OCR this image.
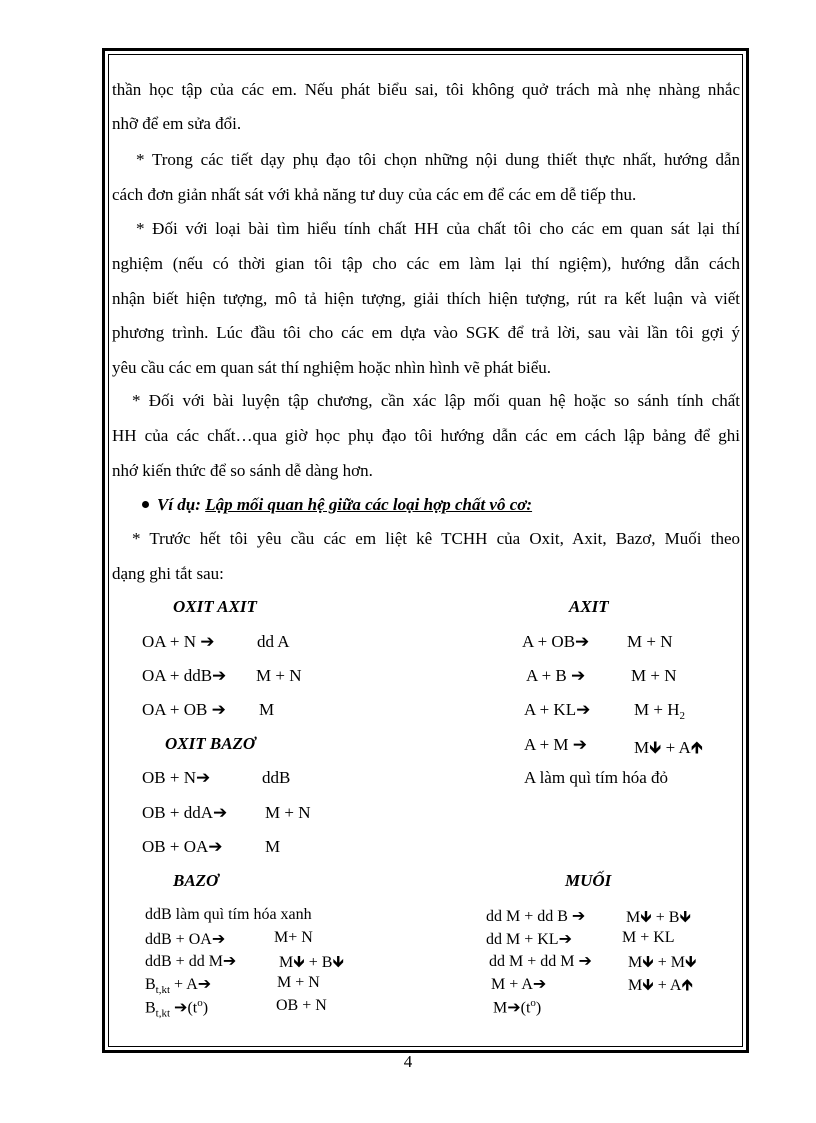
thần học tập của các em. Nếu phát biểu sai, tôi không quở trách mà nhẹ nhàng nhắc
nhỡ để em sửa đổi.
* Trong các tiết dạy phụ đạo tôi chọn những nội dung thiết thực nhất, hướng dẫn
cách đơn giản nhất sát với khả năng tư duy của các em để các em dễ tiếp thu.
* Đối với loại bài tìm hiểu tính chất HH của chất tôi cho các em quan sát lại thí
nghiệm (nếu có thời gian tôi tập cho các em làm lại thí ngiệm), hướng dẫn cách
nhận biết hiện tượng, mô tả hiện tượng, giải thích hiện tượng, rút ra kết luận và viết
phương trình. Lúc đầu tôi cho các em dựa vào SGK để trả lời, sau vài lần tôi gợi ý
yêu cầu các em quan sát thí nghiệm hoặc nhìn hình vẽ phát biểu.
* Đối với bài luyện tập chương, cần xác lập mối quan hệ hoặc so sánh tính chất
HH của các chất…qua giờ học phụ đạo tôi hướng dẫn các em cách lập bảng để ghi
nhớ kiến thức để so sánh dễ dàng hơn.
Ví dụ: Lập mối quan hệ giữa các loại hợp chất vô cơ:
* Trước hết tôi yêu cầu các em liệt kê TCHH của Oxit, Axit, Bazơ, Muối theo
dạng ghi tắt sau:
OXIT AXIT	AXIT
OXIT BAZƠ
BAZƠ	MUỐI
OA + N ➔	dd A
OA + ddB➔ M + N
OA + OB ➔ M
OB + N➔	ddB
OB + ddA➔ M + N
OB + OA➔ M
A + OB➔ M + N
A + B ➔	M + N
A + KL➔	$M + H_2$
A + M ➔	M🡻 + A🡹
A làm quì tím hóa đỏ
ddB làm quì tím hóa xanh
ddB + OA➔	M+ N
ddB + dd M➔	M🡻 + B🡻
$B_{t,kt}$ + A➔	M + N
$B_{t,kt}$ $➔(t^o)$	OB + N
dd M + dd B ➔	M🡻 + B🡻
dd M + KL➔	M + KL
dd M + dd M ➔ M🡻 + M🡻
M + A➔	M🡻 + A🡹
$M➔(t^o)$
4
